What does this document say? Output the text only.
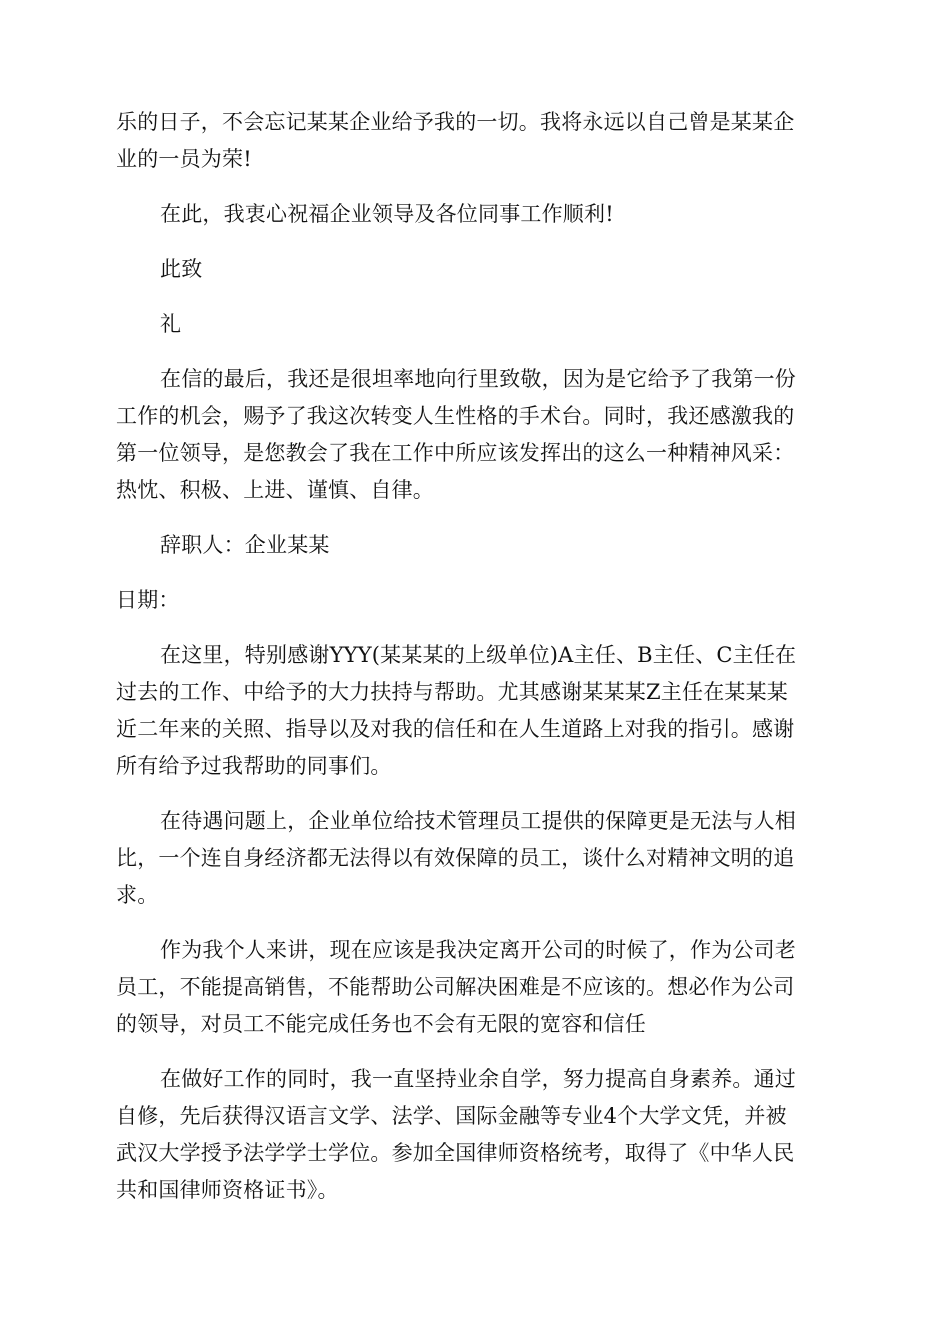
乐的日子，不会忘记某某企业给予我的一切。我将永远以自己曾是某某企
业的一员为荣!

在此，我衷心祝福企业领导及各位同事工作顺利!

此致

礼

在信的最后，我还是很坦率地向行里致敬，因为是它给予了我第一份
工作的机会，赐予了我这次转变人生性格的手术台。同时，我还感激我的
第一位领导，是您教会了我在工作中所应该发挥出的这么一种精神风采：
热忱、积极、上进、谨慎、自律。

辞职人：企业某某

日期：

在这里，特别感谢YYY(某某某的上级单位)A主任、B主任、C主任在
过去的工作、中给予的大力扶持与帮助。尤其感谢某某某Z主任在某某某
近二年来的关照、指导以及对我的信任和在人生道路上对我的指引。感谢
所有给予过我帮助的同事们。

在待遇问题上，企业单位给技术管理员工提供的保障更是无法与人相
比，一个连自身经济都无法得以有效保障的员工，谈什么对精神文明的追
求。

作为我个人来讲，现在应该是我决定离开公司的时候了，作为公司老
员工，不能提高销售，不能帮助公司解决困难是不应该的。想必作为公司
的领导，对员工不能完成任务也不会有无限的宽容和信任

在做好工作的同时，我一直坚持业余自学，努力提高自身素养。通过
自修，先后获得汉语言文学、法学、国际金融等专业4个大学文凭，并被
武汉大学授予法学学士学位。参加全国律师资格统考，取得了《中华人民
共和国律师资格证书》。
